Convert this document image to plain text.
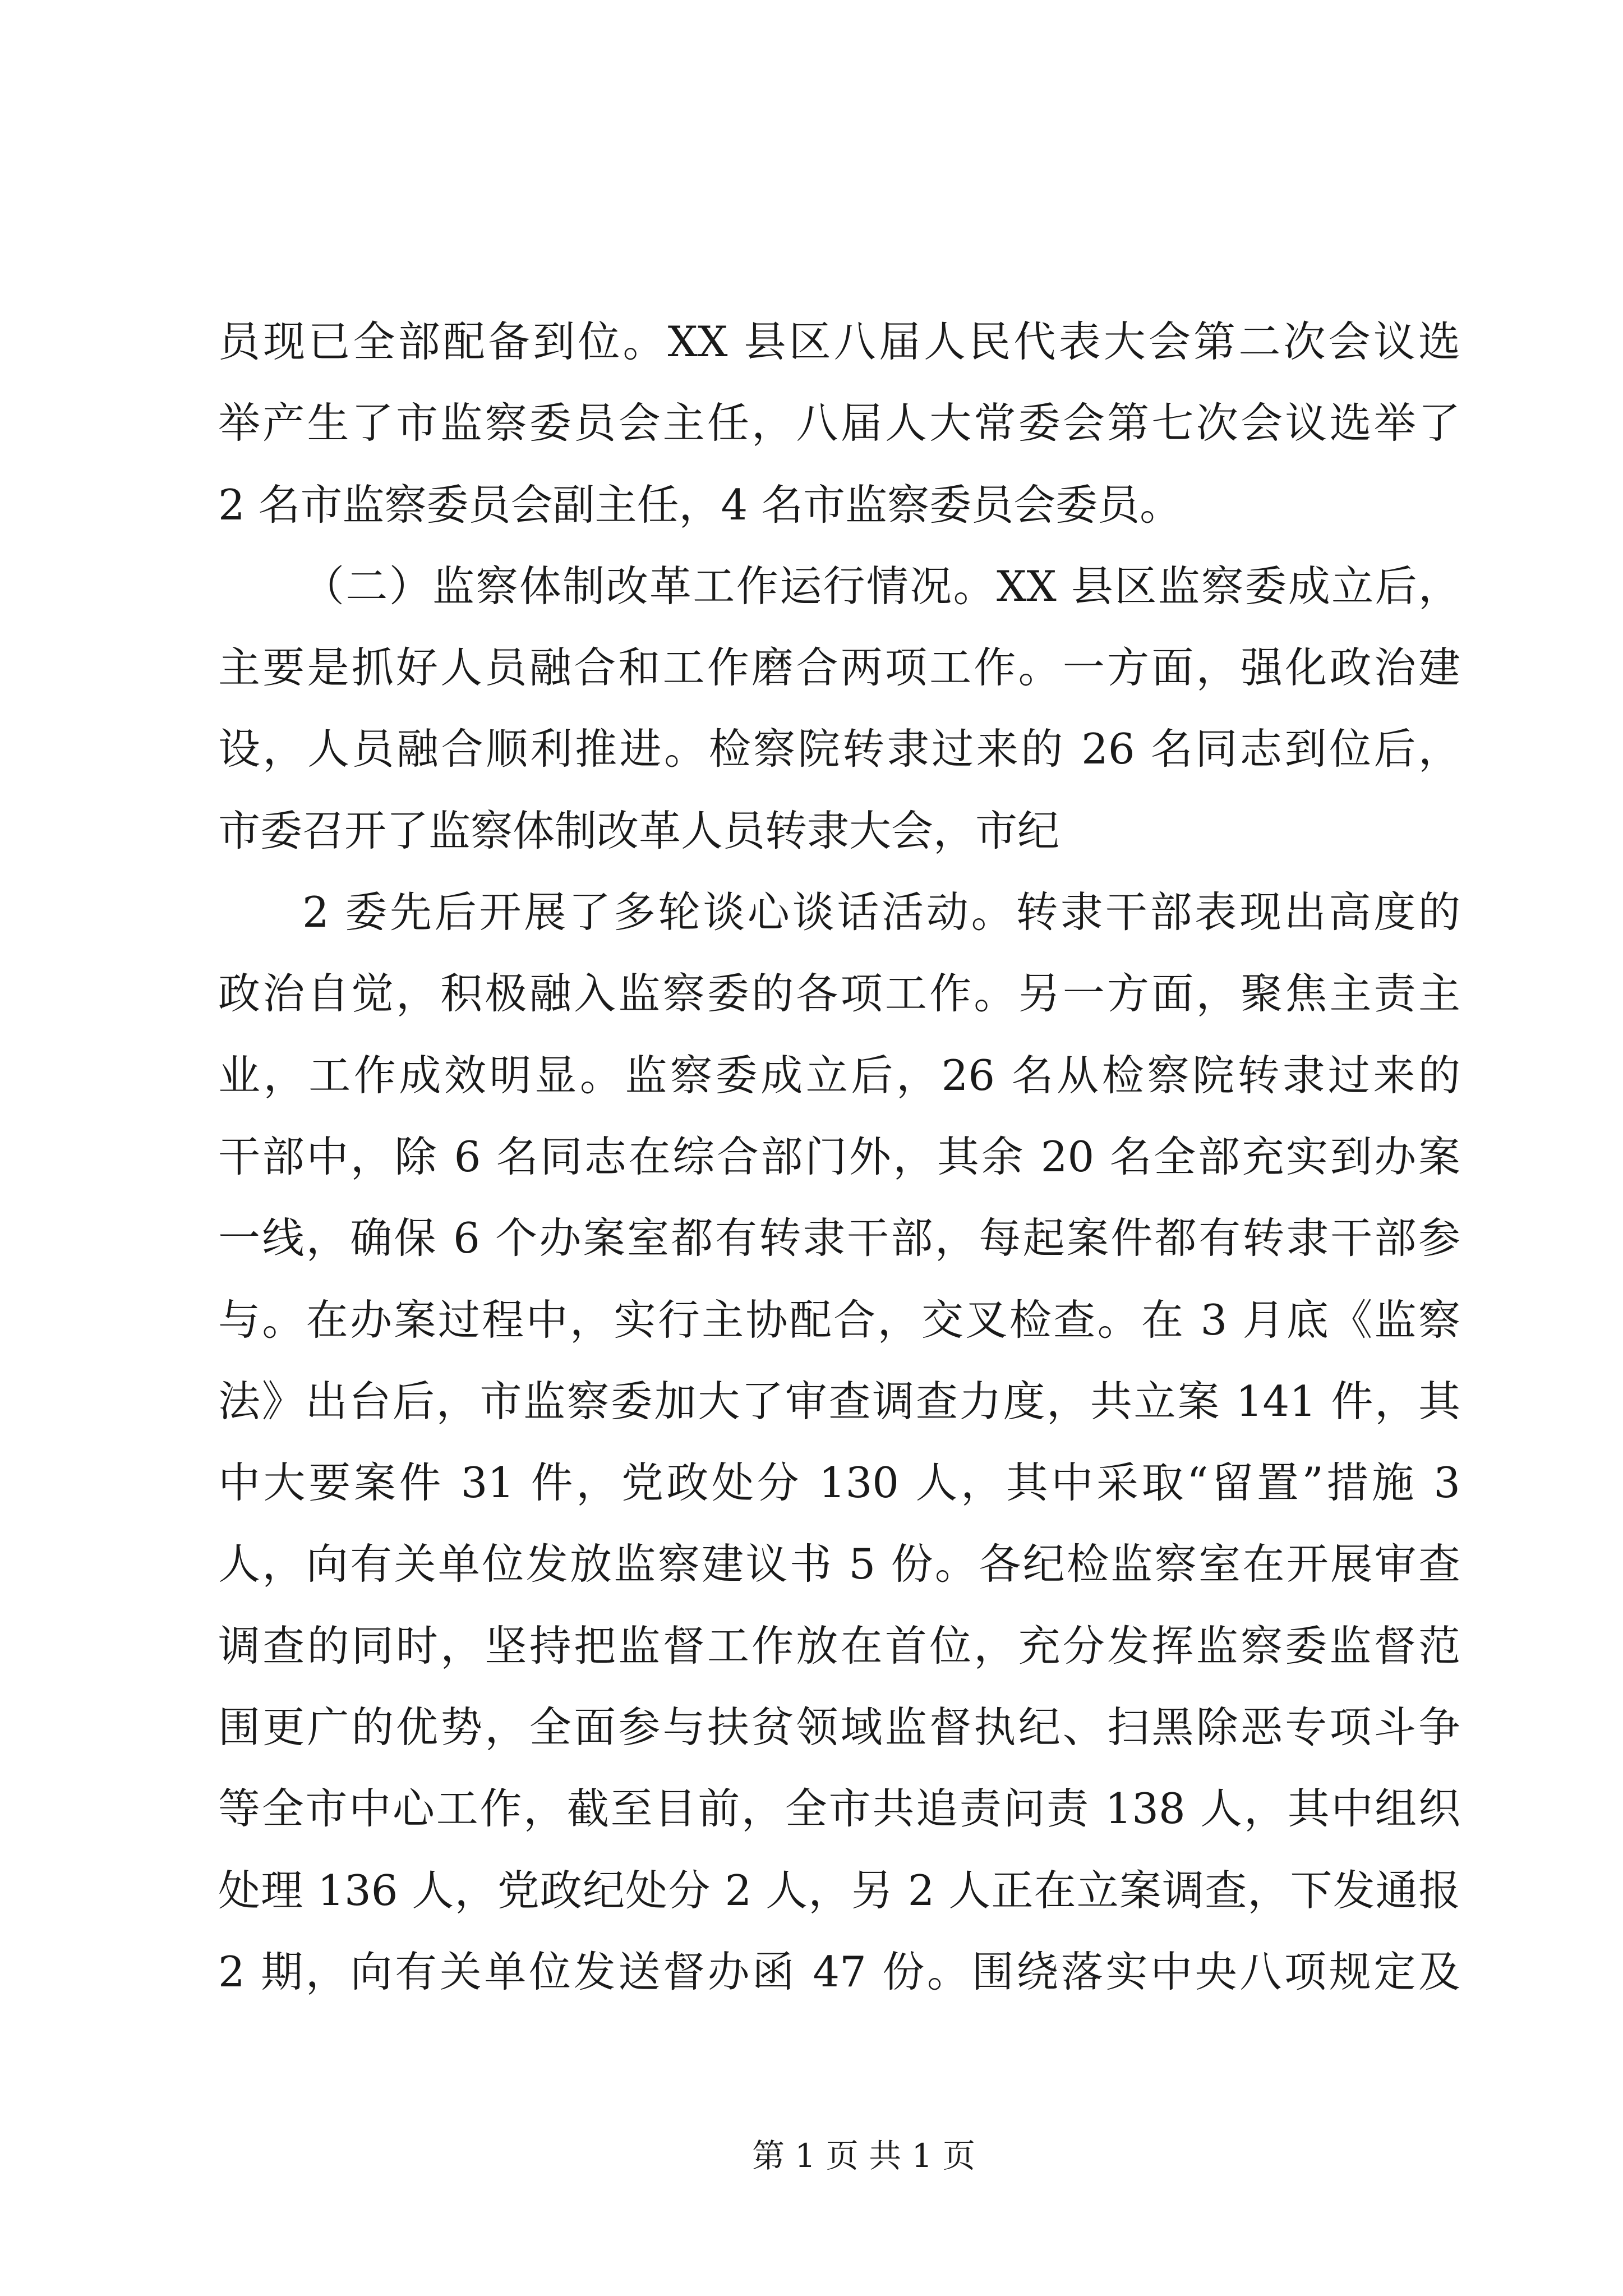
员现已全部配备到位。XX 县区八届人民代表大会第二次会议选
举产生了市监察委员会主任，八届人大常委会第七次会议选举了
2 名市监察委员会副主任，4 名市监察委员会委员。
（二）监察体制改革工作运行情况。XX 县区监察委成立后，
主要是抓好人员融合和工作磨合两项工作。一方面，强化政治建
设，人员融合顺利推进。检察院转隶过来的 26 名同志到位后，
市委召开了监察体制改革人员转隶大会，市纪
2 委先后开展了多轮谈心谈话活动。转隶干部表现出高度的
政治自觉，积极融入监察委的各项工作。另一方面，聚焦主责主
业，工作成效明显。监察委成立后，26 名从检察院转隶过来的
干部中，除 6 名同志在综合部门外，其余 20 名全部充实到办案
一线，确保 6 个办案室都有转隶干部，每起案件都有转隶干部参
与。在办案过程中，实行主协配合，交叉检查。在 3 月底《监察
法》出台后，市监察委加大了审查调查力度，共立案 141 件，其
中大要案件 31 件，党政处分 130 人，其中采取“留置”措施 3
人，向有关单位发放监察建议书 5 份。各纪检监察室在开展审查
调查的同时，坚持把监督工作放在首位，充分发挥监察委监督范
围更广的优势，全面参与扶贫领域监督执纪、扫黑除恶专项斗争
等全市中心工作，截至目前，全市共追责问责 138 人，其中组织
处理 136 人，党政纪处分 2 人，另 2 人正在立案调查，下发通报
2 期，向有关单位发送督办函 47 份。围绕落实中央八项规定及
第 1 页 共 1 页
